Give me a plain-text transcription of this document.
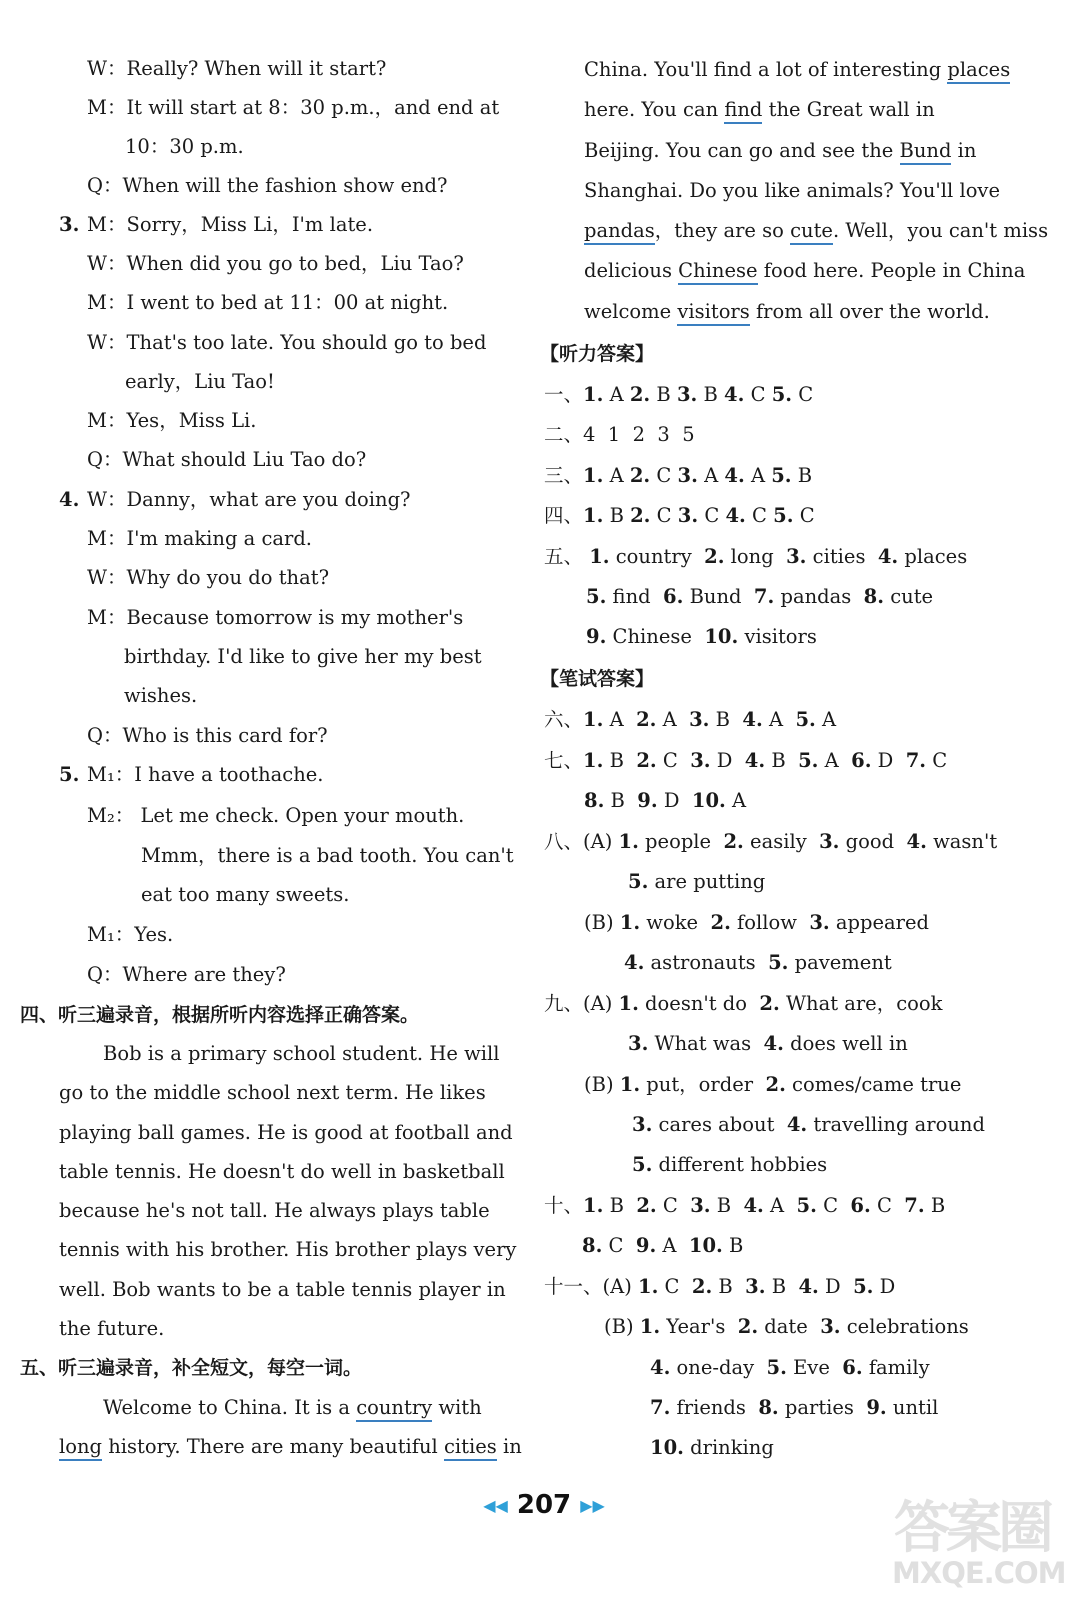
W：Really? When will it start?
M：It will start at 8：30 p.m.，and end at
10：30 p.m.
Q：When will the fashion show end?
3. M：Sorry，Miss Li，I'm late.
W：When did you go to bed，Liu Tao?
M：I went to bed at 11：00 at night.
W：That's too late. You should go to bed
early，Liu Tao!
M：Yes，Miss Li.
Q：What should Liu Tao do?
4. W：Danny，what are you doing?
M：I'm making a card.
W：Why do you do that?
M：Because tomorrow is my mother's
birthday. I'd like to give her my best
wishes.
Q：Who is this card for?
5. M₁：I have a toothache.
M₂： Let me check. Open your mouth.
Mmm，there is a bad tooth. You can't
eat too many sweets.
M₁：Yes.
Q：Where are they?
四、听三遍录音，根据所听内容选择正确答案。
Bob is a primary school student. He will
go to the middle school next term. He likes
playing ball games. He is good at football and
table tennis. He doesn't do well in basketball
because he's not tall. He always plays table
tennis with his brother. His brother plays very
well. Bob wants to be a table tennis player in
the future.
五、听三遍录音，补全短文，每空一词。
Welcome to China. It is a country with
long history. There are many beautiful cities in
China. You'll find a lot of interesting places
here. You can find the Great wall in
Beijing. You can go and see the Bund in
Shanghai. Do you like animals? You'll love
pandas，they are so cute. Well，you can't miss
delicious Chinese food here. People in China
welcome visitors from all over the world.
【听力答案】
一、1. A 2. B 3. B 4. C 5. C
二、4  1  2  3  5
三、1. A 2. C 3. A 4. A 5. B
四、1. B 2. C 3. C 4. C 5. C
五、 1. country  2. long  3. cities  4. places
5. find  6. Bund  7. pandas  8. cute
9. Chinese  10. visitors
【笔试答案】
六、1. A  2. A  3. B  4. A  5. A
七、1. B  2. C  3. D  4. B  5. A  6. D  7. C
8. B  9. D  10. A
八、(A) 1. people  2. easily  3. good  4. wasn't
5. are putting
(B) 1. woke  2. follow  3. appeared
4. astronauts  5. pavement
九、(A) 1. doesn't do  2. What are，cook
3. What was  4. does well in
(B) 1. put，order  2. comes/came true
3. cares about  4. travelling around
5. different hobbies
十、1. B  2. C  3. B  4. A  5. C  6. C  7. B
8. C  9. A  10. B
十一、(A) 1. C  2. B  3. B  4. D  5. D
(B) 1. Year's  2. date  3. celebrations
4. one-day  5. Eve  6. family
7. friends  8. parties  9. until
10. drinking
◀◀ 207 ▶▶	答案圈
MXQE.COM
